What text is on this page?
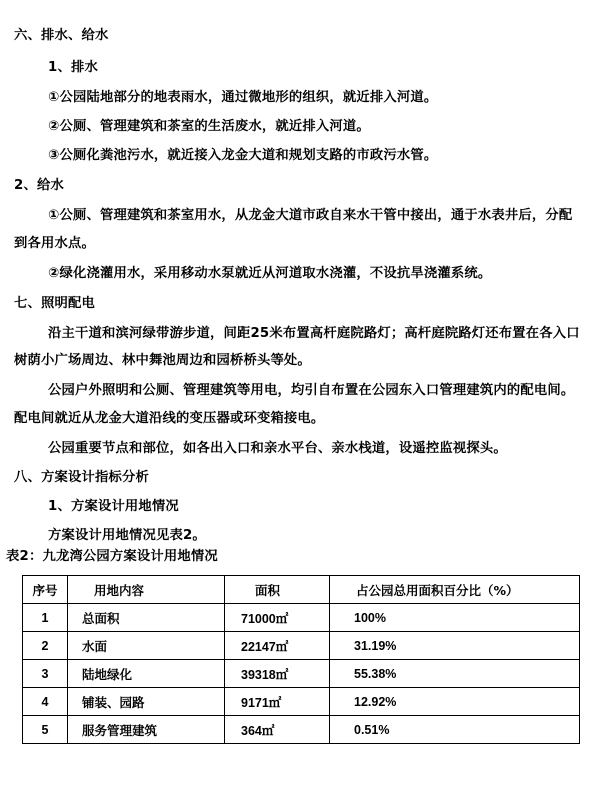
六、排水、给水
1、排水
①公园陆地部分的地表雨水，通过微地形的组织，就近排入河道。
②公厕、管理建筑和茶室的生活废水，就近排入河道。
③公厕化粪池污水，就近接入龙金大道和规划支路的市政污水管。
2、给水
①公厕、管理建筑和茶室用水，从龙金大道市政自来水干管中接出，通于水表井后，分配
到各用水点。
②绿化浇灌用水，采用移动水泵就近从河道取水浇灌，不设抗旱浇灌系统。
七、照明配电
沿主干道和滨河绿带游步道，间距25米布置高杆庭院路灯；高杆庭院路灯还布置在各入口
树荫小广场周边、林中舞池周边和园桥桥头等处。
公园户外照明和公厕、管理建筑等用电，均引自布置在公园东入口管理建筑内的配电间。
配电间就近从龙金大道沿线的变压器或环变箱接电。
公园重要节点和部位，如各出入口和亲水平台、亲水栈道，设遥控监视探头。
八、方案设计指标分析
1、方案设计用地情况
方案设计用地情况见表2。
表2：九龙湾公园方案设计用地情况
序号	用地内容	面积	占公园总用面积百分比（%）
1	总面积	71000㎡	100%
2	水面	22147㎡	31.19%
3	陆地绿化	39318㎡	55.38%
4	铺装、园路	9171㎡	12.92%
5	服务管理建筑	364㎡	0.51%
